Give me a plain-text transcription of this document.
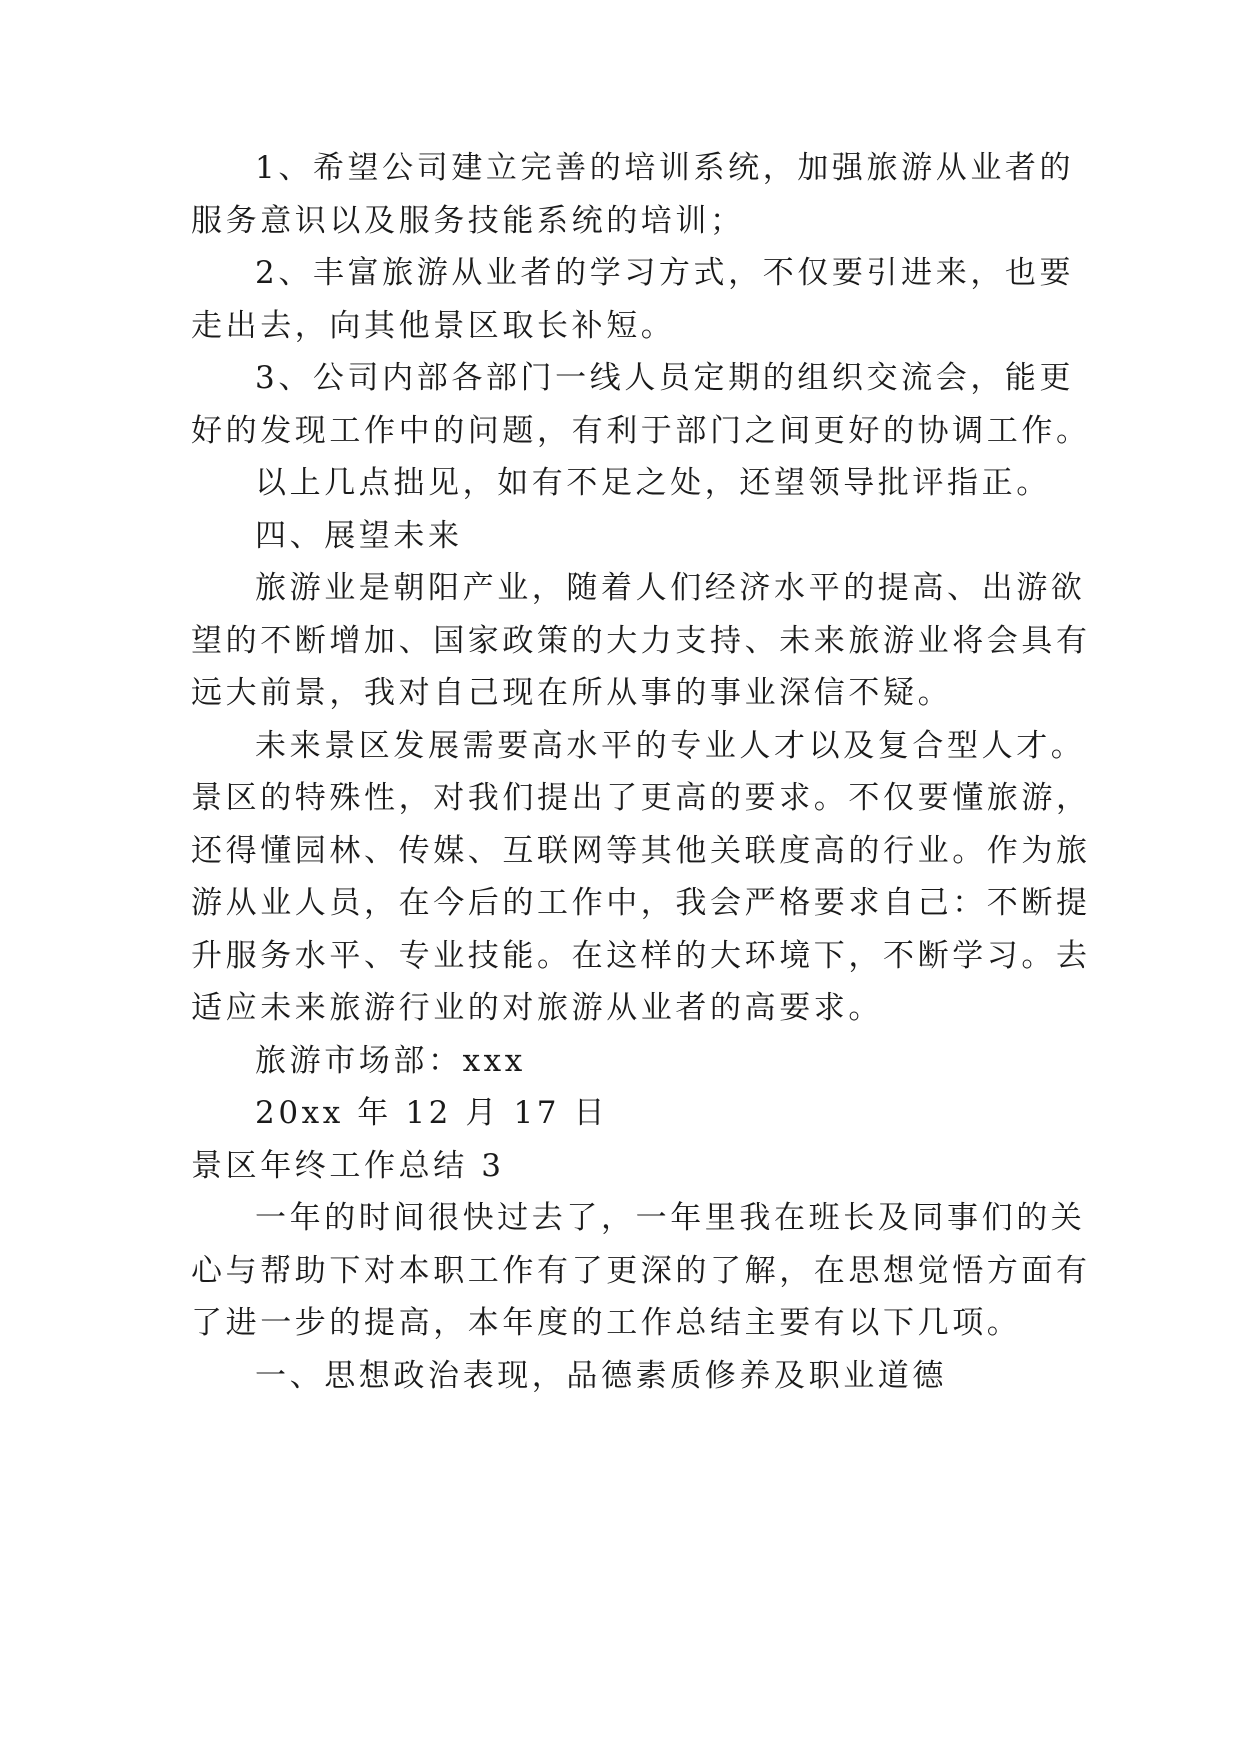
1、希望公司建立完善的培训系统，加强旅游从业者的
服务意识以及服务技能系统的培训；
2、丰富旅游从业者的学习方式，不仅要引进来，也要
走出去，向其他景区取长补短。
3、公司内部各部门一线人员定期的组织交流会，能更
好的发现工作中的问题，有利于部门之间更好的协调工作。
以上几点拙见，如有不足之处，还望领导批评指正。
四、展望未来
旅游业是朝阳产业，随着人们经济水平的提高、出游欲
望的不断增加、国家政策的大力支持、未来旅游业将会具有
远大前景，我对自己现在所从事的事业深信不疑。
未来景区发展需要高水平的专业人才以及复合型人才。
景区的特殊性，对我们提出了更高的要求。不仅要懂旅游，
还得懂园林、传媒、互联网等其他关联度高的行业。作为旅
游从业人员，在今后的工作中，我会严格要求自己：不断提
升服务水平、专业技能。在这样的大环境下，不断学习。去
适应未来旅游行业的对旅游从业者的高要求。
旅游市场部：xxx
20xx 年 12 月 17 日
景区年终工作总结 3
一年的时间很快过去了，一年里我在班长及同事们的关
心与帮助下对本职工作有了更深的了解，在思想觉悟方面有
了进一步的提高，本年度的工作总结主要有以下几项。
一、思想政治表现，品德素质修养及职业道德
